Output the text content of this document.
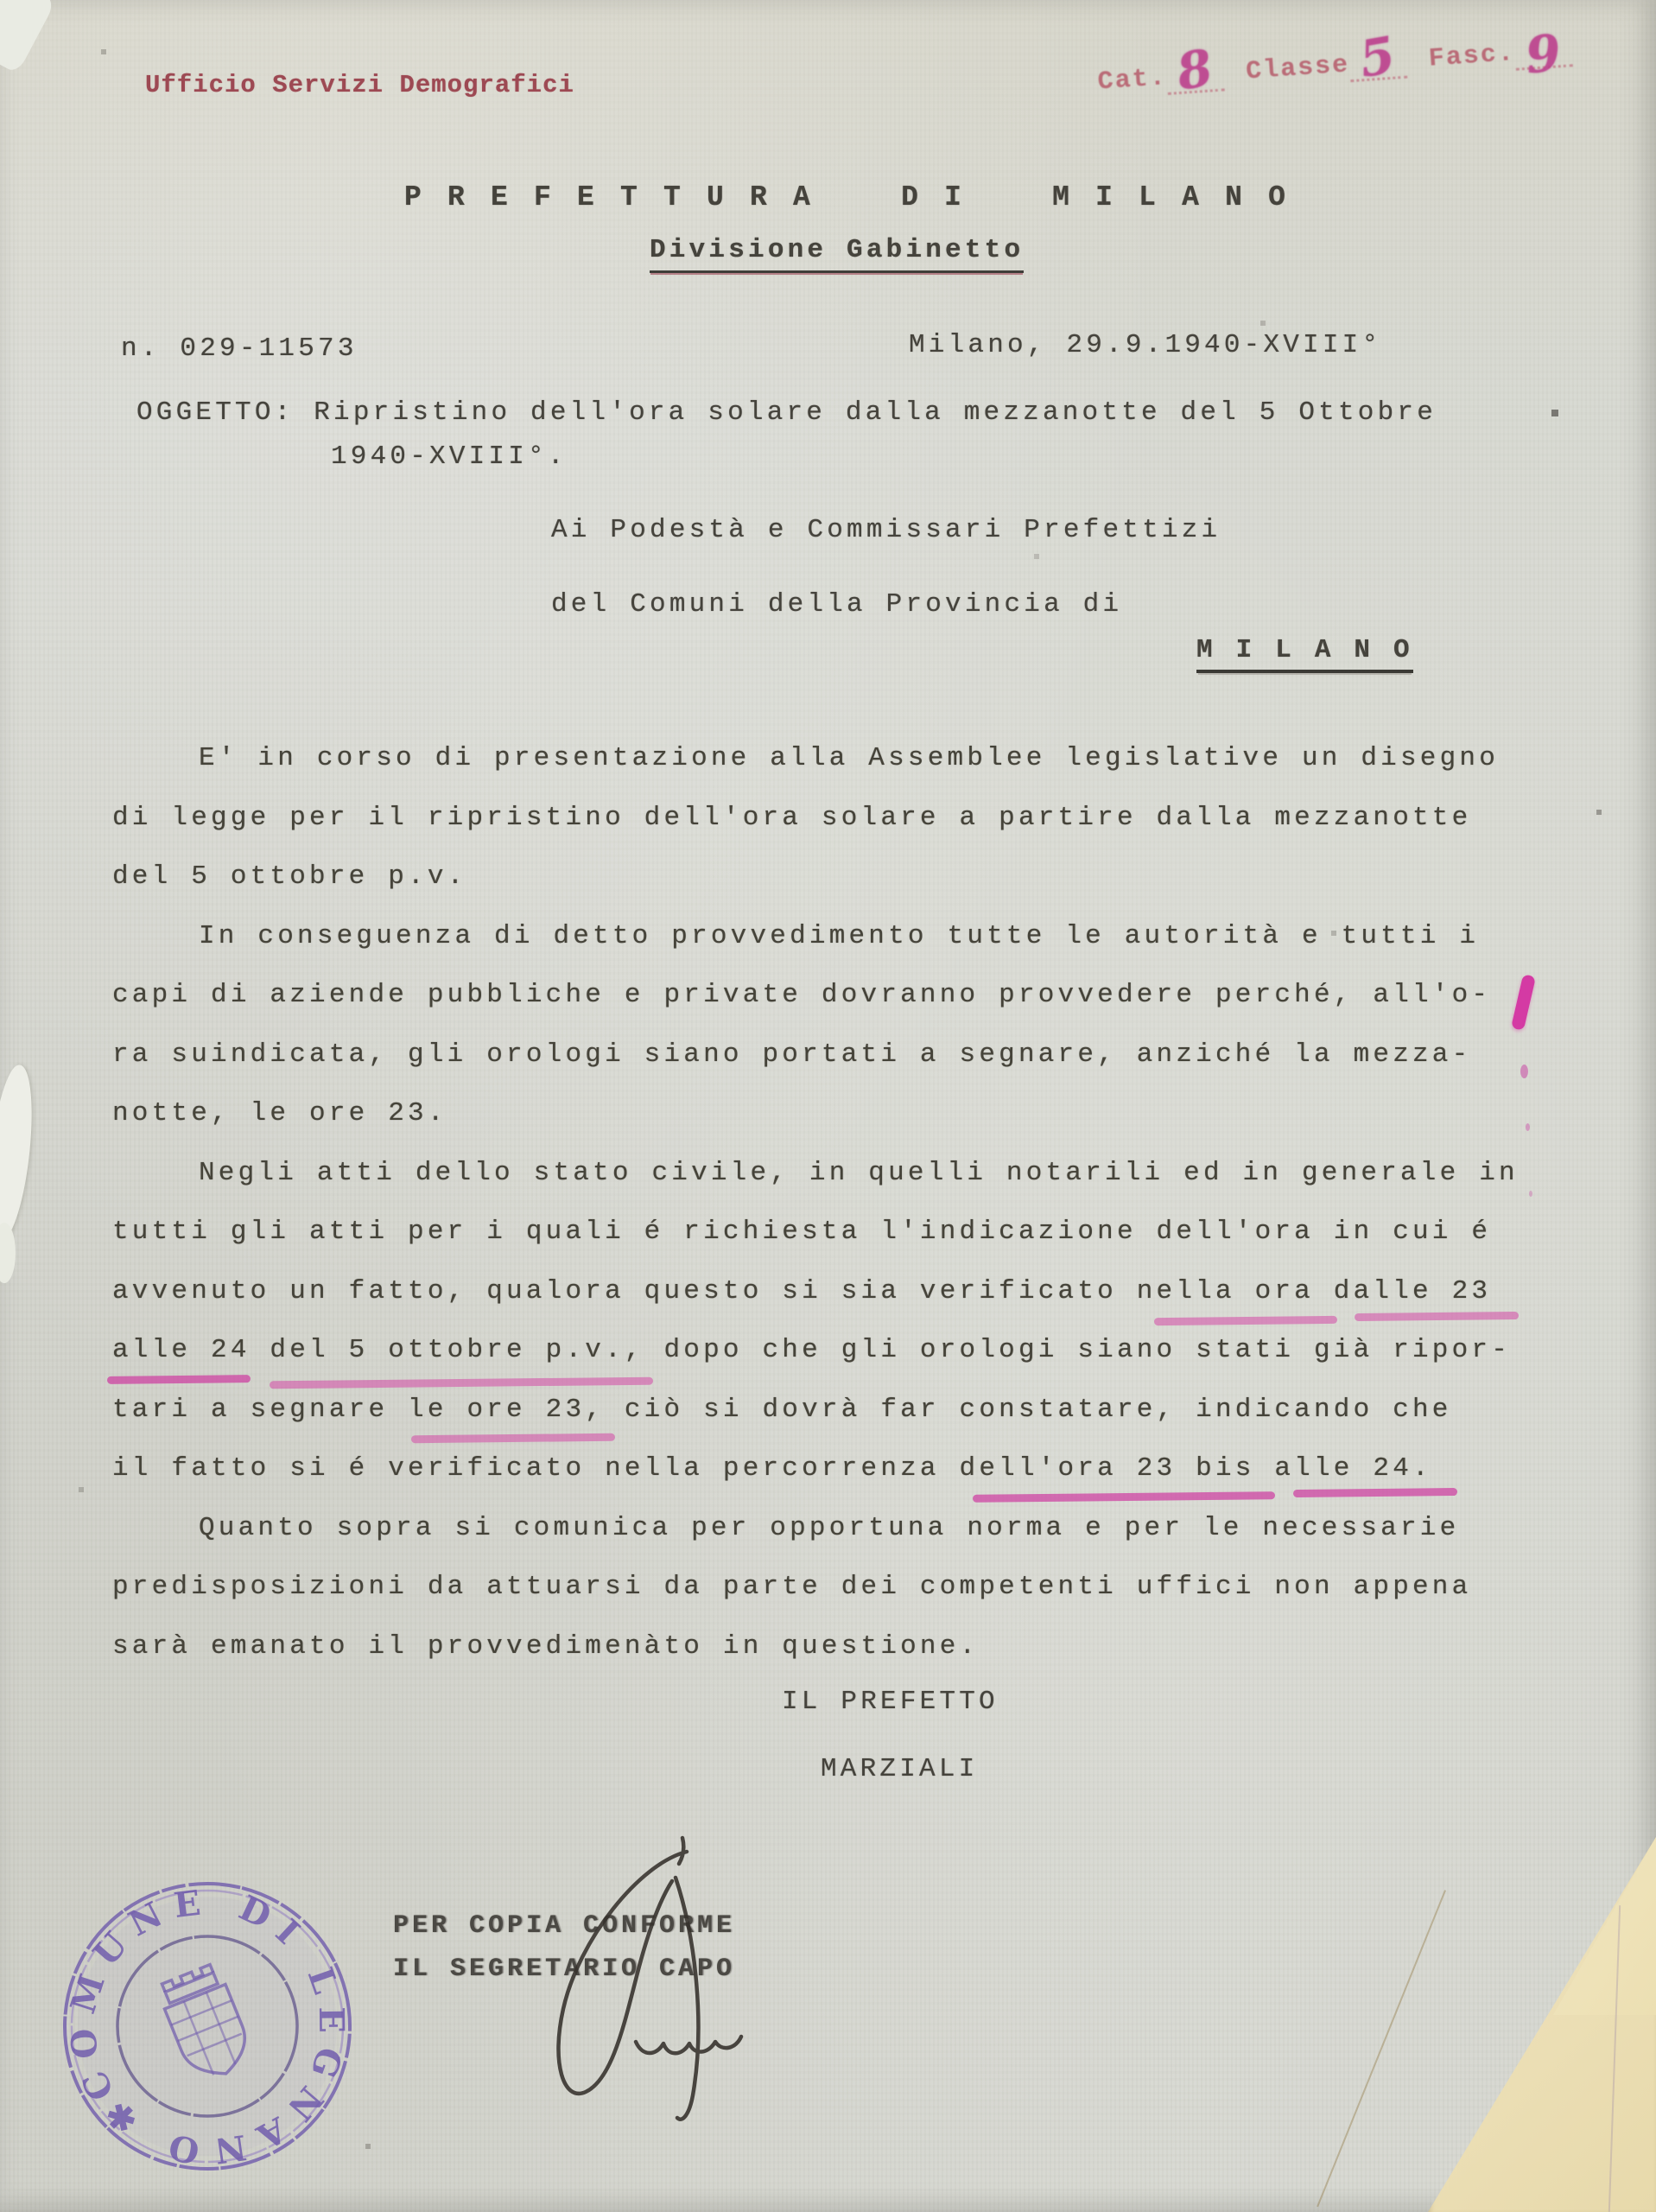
Ufficio Servizi Demografici	Cat.8 Classe5 Fasc. 9
P R E F E T T U R A    D I    M I L A N O
Divisione Gabinetto
n. 029-11573	Milano, 29.9.1940-XVIII°
OGGETTO: Ripristino dell'ora solare dalla mezzanotte del 5 Ottobre
1940-XVIII°.
Ai Podestà e Commissari Prefettizi
del Comuni della Provincia di
M I L A N O
E' in corso di presentazione alla Assemblee legislative un disegno
di legge per il ripristino dell'ora solare a partire dalla mezzanotte
del 5 ottobre p.v.
In conseguenza di detto provvedimento tutte le autorità e tutti i
capi di aziende pubbliche e private dovranno provvedere perché, all'o-
ra suindicata, gli orologi siano portati a segnare, anziché la mezza-
notte, le ore 23.
Negli atti dello stato civile, in quelli notarili ed in generale in
tutti gli atti per i quali é richiesta l'indicazione dell'ora in cui é
avvenuto un fatto, qualora questo si sia verificato nella ora dalle 23
alle 24 del 5 ottobre p.v., dopo che gli orologi siano stati già ripor-
tari a segnare le ore 23, ciò si dovrà far constatare, indicando che
il fatto si é verificato nella percorrenza dell'ora 23 bis alle 24.
Quanto sopra si comunica per opportuna norma e per le necessarie
predisposizioni da attuarsi da parte dei competenti uffici non appena
sarà emanato il provvedimenàto in questione.
IL PREFETTO
MARZIALI
PER COPIA CONFORME
IL SEGRETARIO CAPO
COMUNE DI LEGNANO ✱
